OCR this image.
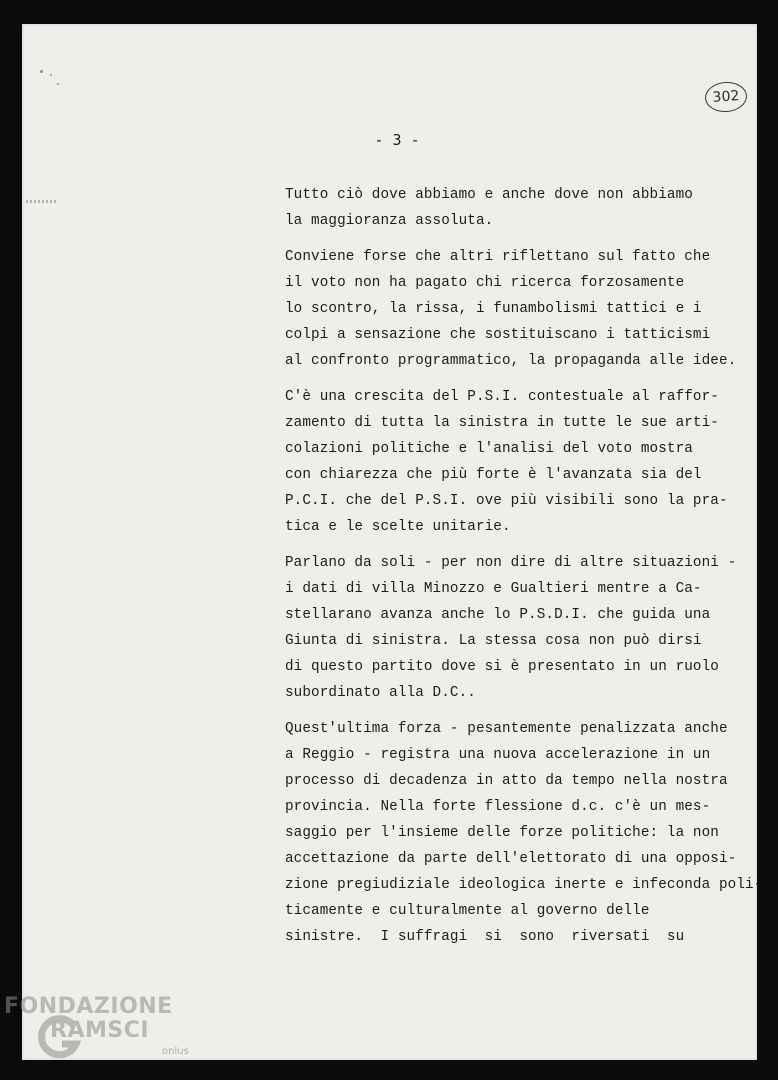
302
- 3 -
Tutto ciò dove abbiamo e anche dove non abbiamo
la maggioranza assoluta.
Conviene forse che altri riflettano sul fatto che
il voto non ha pagato chi ricerca forzosamente
lo scontro, la rissa, i funambolismi tattici e i
colpi a sensazione che sostituiscano i tatticismi
al confronto programmatico, la propaganda alle idee.
C'è una crescita del P.S.I. contestuale al raffor-
zamento di tutta la sinistra in tutte le sue arti-
colazioni politiche e l'analisi del voto mostra
con chiarezza che più forte è l'avanzata sia del
P.C.I. che del P.S.I. ove più visibili sono la pra-
tica e le scelte unitarie.
Parlano da soli - per non dire di altre situazioni -
i dati di villa Minozzo e Gualtieri mentre a Ca-
stellarano avanza anche lo P.S.D.I. che guida una
Giunta di sinistra. La stessa cosa non può dirsi
di questo partito dove si è presentato in un ruolo
subordinato alla D.C..
Quest'ultima forza - pesantemente penalizzata anche
a Reggio - registra una nuova accelerazione in un
processo di decadenza in atto da tempo nella nostra
provincia. Nella forte flessione d.c. c'è un mes-
saggio per l'insieme delle forze politiche: la non
accettazione da parte dell'elettorato di una opposi-
zione pregiudiziale ideologica inerte e infeconda poli-
ticamente e culturalmente al governo delle
sinistre.  I suffragi  si  sono  riversati  su
FONDAZIONE
RAMSCI
onlus
